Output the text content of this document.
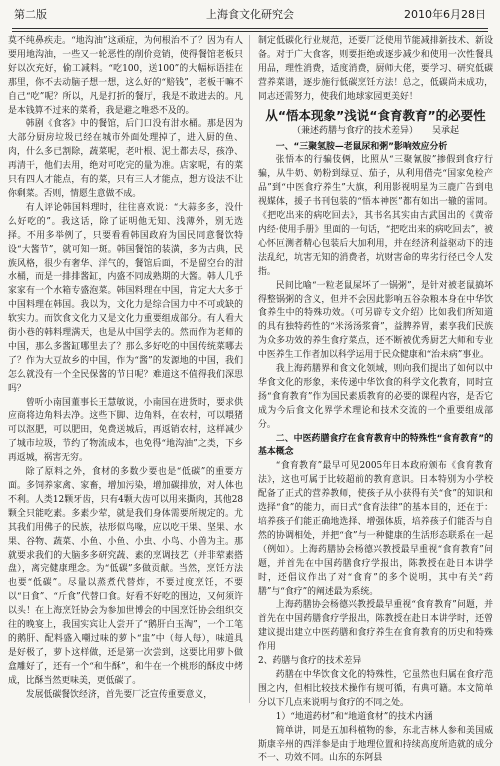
第二版	上海食文化研究会	2010年6月28日

莫不纯鼻疾走。“地沟油”这顽症，为何根治不了？因为有人要用地沟油，一些又一轮恶性的削价竞销，使得餐馆老板只好以次充好，偷工减料。“吃100，送100”的大幅标语挂在那里，你不去动脑子想一想，这么好的“赔钱”，老板干嘛不自己“吃”呢？所以，凡是打折的餐厅，我是不敢进去的。凡是本钱算不过来的菜肴，我是避之唯恐不及的。

韩剧《食客》中的餐馆，后门口没有泔水桶。那是因为大部分厨房垃圾已经在城市外面处理掉了，进入厨的鱼、肉，什么多已割除，蔬菜呢，老叶根、泥土都去尽，孩净、再清干，他们去用，绝对可吃完的量为准。店家呢，有的菜只有四人才能点，有的菜，只有三人才能点，想方设法不让你剩菜。否则，情愿生意做不成。

有人评论韩国料理时，往往喜欢说：“大蒜多多，没什么好吃的”。我这话，除了证明他无知、浅薄外，别无选择。不用多举例了，只要看看韩国政府为国民同意餐饮特设“大酱节”，就可知一斑。韩国餐馆的装潢，多为古典，民族风格，很少有奢华、洋气的，餐馆后面，不是留空台的泔水桶，而是一排排酱缸，内盛不同成熟期的大酱。韩人几乎家家有一个水箱专盛泡菜。韩国料理在中国，肯定大大多于中国料理在韩国。我以为，文化力是综合国力中不可或缺的软实力。而饮食文化力又是文化力重要组成部分。有人看大街小巷的韩料理满天，也是从中国学去的。然而作为老师的中国，那么多酱缸哪里去了？那么多好吃的中国传统菜哪去了？作为大豆故乡的中国，作为“酱”的发源地的中国，我们怎么就没有一个全民保酱的节日呢？难道这不值得我们深思吗？

曾听小南国董事长王慧敏说，小南国在进货时，要求供应商将边角料去净。这些下脚、边角料，在农村，可以喂猪可以沤肥，可以肥田，免费送城后，再返销农村，这样减少了城市垃圾，节约了物流成本，也免得“地沟油”之类，下乡再返城，祸害无穷。

除了原料之外，食材的多数少要也是“低碳”的重要方面。多饲养家禽、家畜，增加污染，增加碳排放，对人体也不利。人类12颗牙齿，只有4颗大齿可以用来撕肉，其他28颗全只能吃素。多素少荤，就是我们身体需要所规定的。尤其我们用佛子的民族，祛形似鸟喙，应以吃干果、坚果、水果、谷物、蔬菜、小鱼、小鱼、小虫、小鸟、小兽为主。那就要求我们的大脑多多研究蔬、素的烹调技艺（并非荤素搭盘），离完健康理念。为“低碳”多做贡献。当然，烹饪方法也要“低碳”。尽量以蒸煮代替炸，不要过度烹饪，不要以“日食”、“斤食”代替口食。好看不好吃的围边，又何须许以头！在上海烹饪协会为参加世博会的中国烹饪协会组织交往的晚宴上，我国实宾让人尝开了“鹅肝白玉淘”，一个工笔的鹅肝、配料盛入嘲过味的萝卜“盅”中（每人每），味道具是好极了，萝卜这样做，还是第一次尝到，这要比用萝卜做盒雕好了，还有一个“和牛酥”，和牛在一个桃形的酥皮中烤成，比酥当然更味美，更低碳了。

发展低碳餐饮经济，首先要厂泛宣传重要意义，

制定低碳化行业规范，还要厂泛使用节能减排新技术、新设备。对于广大食客，则要拒绝或逐步减少和使用一次性餐具用品，理性消费，适度消费，厨师大佬，要学习、研究低碳营养菜谱，逐步施行低碳烹饪方法！总之，低碳尚未成功，同志还需努力，使我们地球家园更美好！

从“悟本现象”浅说“食育教育”的必要性
（兼述药膳与食疗的技术差异） 吴承起

一、“三聚氢胺—老鼠尿和粥”影响效应分析

张悟本的行骗伎俩，比照从“三聚氰胺”掺假到食疗行骗，从牛奶、奶粉到绿豆、茄子，从利用借壳“国家免检产品”到“中医食疗养生”大旗，利用影视明星为三鹿广告到电视媒体，援子书刊包装的“悟本神医”都有如出一辙的雷同。《把吃出来的病吃回去》，其书名其实由古武国出的《黄帝内经·使用手册》里面的一句话，“把吃出来的病吃回去”，被心怀叵测者精心包装后大加利用，并在经济利益驱动下的违法乱纪，坑害无知的消费者，坑财害命的卑劣行径已令人发指。

民间比喻“一粒老鼠屎坏了一锅粥”，是针对被老鼠搞坏得整锅粥的含义，但并不会因此影响五谷杂粮本身在中华饮食养生中的特殊功效。（可另辟专文介绍）比如我们所知道的具有独特药性的“米汤汤浆膏”，益脾养胃，素享我们民族为众多功效的养生食疗菜点，还不断被优秀厨艺大师和专业中医养生工作者加以科学运用于民众健康和“治未病”事业。

我上海药膳界和食文化领域，则向我们提出了如何以中华食文化的形象，来传递中华饮食的科学文化教育，同时宣扬“食育教育”作为国民素质教育的必要的课程内容，是否它成为今后食文化界学术理论和技术交流的一个重要组成部分。

二、中医药膳食疗在食育教育中的特殊性“食育教育”的基本概念

“食育教育”最早可见2005年日本政府颁布《食育教育法》，这也可属于比较超前的教育意识。日本特别为小学校配备了正式的营养教师，使孩子从小获得有关“食”的知识和选择“食”的能力，而日式“食育法律”的基本目的，还在于：培养孩子们能正确地选择、增强体质，培养孩子们能否与自然的协调相处，并把“食”与一种健康的生活形态联系在一起（例如）。上海药膳协会杨德兴教授最早重视“食育教育”问题，并首先在中国药膳食疗学报出，陈教授在赴日本讲学时，还倡议作出了对“食育”的多个说明，其中有关“药膳”与“食疗”的阐述最为系统。

上海药膳协会杨德兴教授最早重视“食育教育”问题，并首先在中国药膳食疗学报出，陈教授在赴日本讲学时，还曾建议提出建立中医药膳和食疗养生在食育教育的历史和特殊作用

2、药膳与食疗的技术差异

药膳在中华饮食文化的特殊性，它虽然也归属在食疗范围之内，但相比较技术操作有规可循，有典可籍。本文简单分以下几点来说明与食疗的不同之处。

1）“地道药材”和“地道食材”的技术内涵

简单讲，同是五加科植物的参，东北吉林人参和美国威斯康辛州的西洋参是由于地理位置和持续高度所造就的成分不一、功效不同。山东的东阿县
